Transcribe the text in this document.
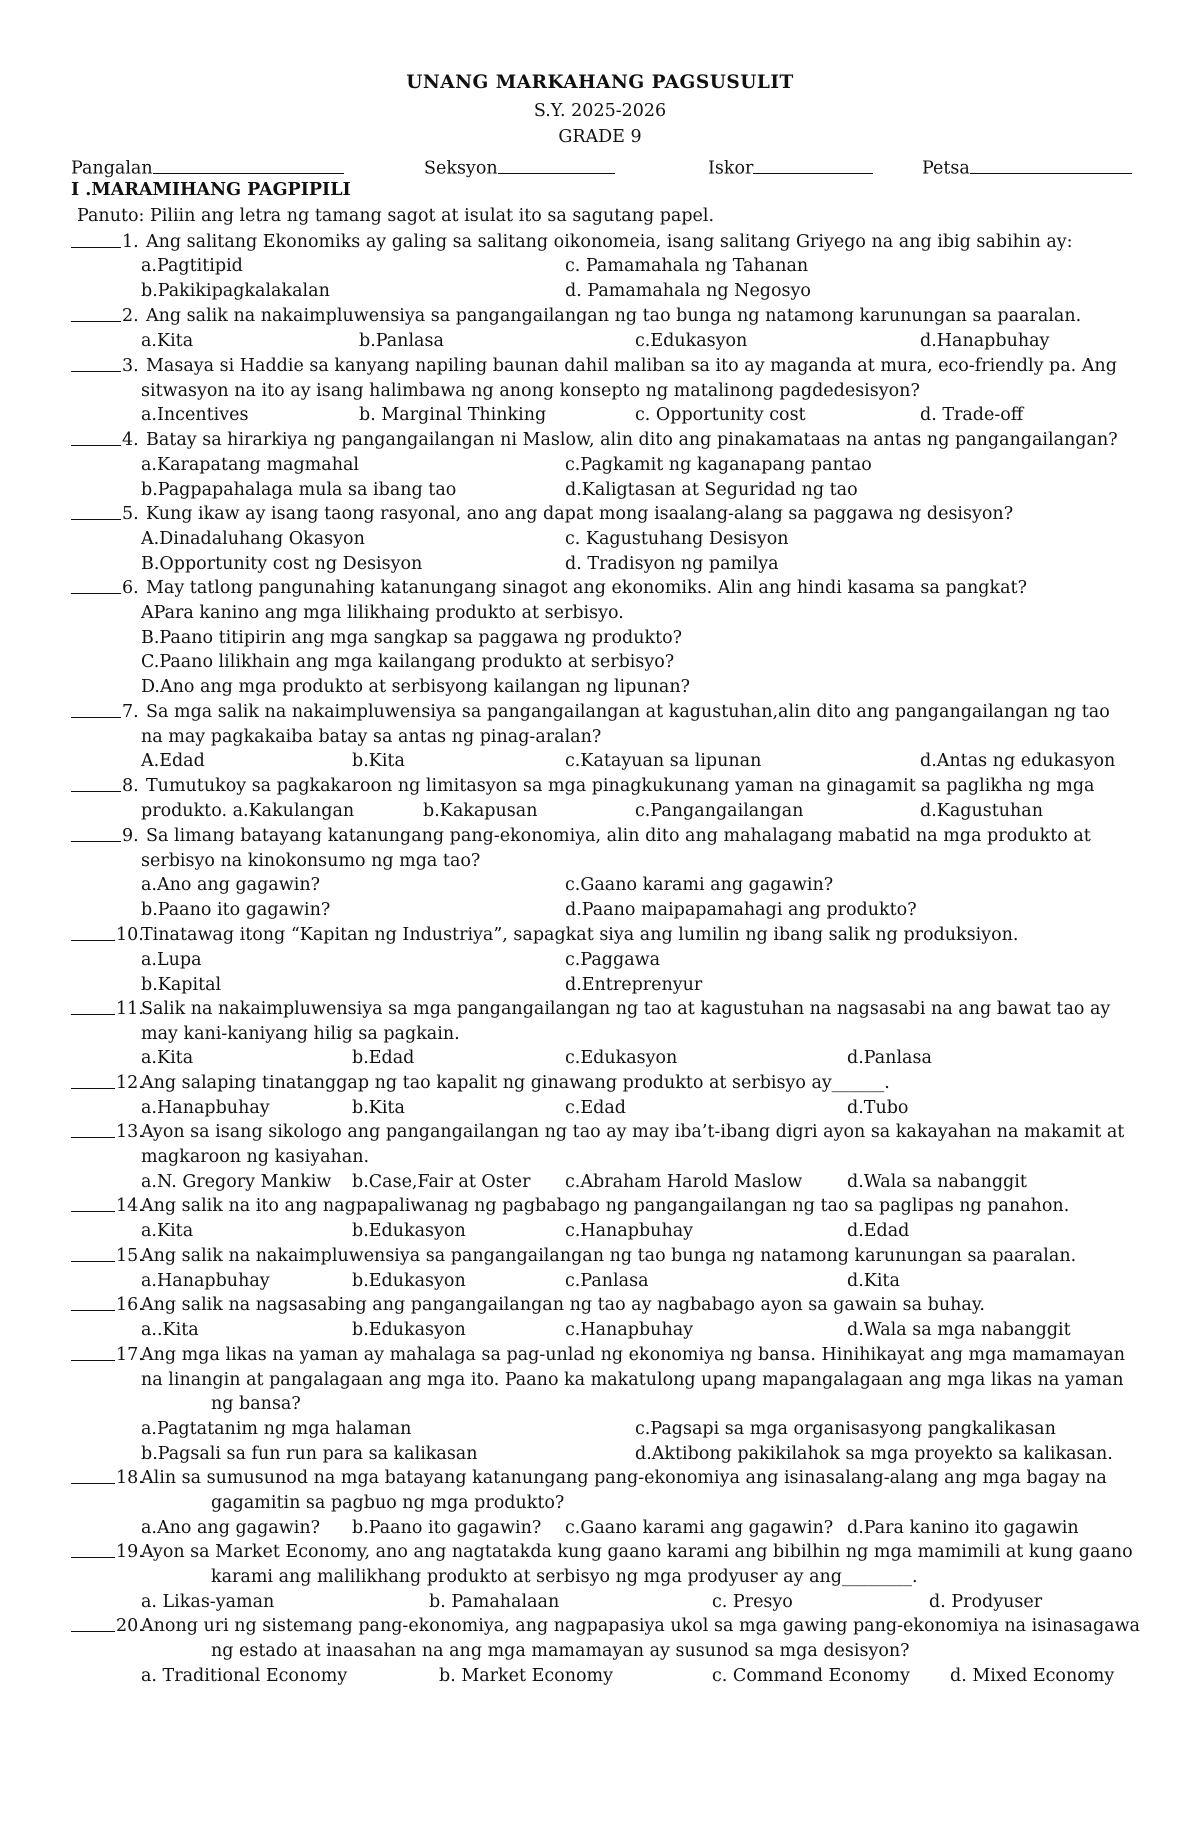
UNANG MARKAHANG PAGSUSULIT
S.Y. 2025-2026
GRADE 9
Pangalan	Seksyon	Iskor	Petsa
I .MARAMIHANG PAGPIPILI
Panuto: Piliin ang letra ng tamang sagot at isulat ito sa sagutang papel.
1. Ang salitang Ekonomiks ay galing sa salitang oikonomeia, isang salitang Griyego na ang ibig sabihin ay:
a.Pagtitipid	c. Pamamahala ng Tahanan
b.Pakikipagkalakalan	d. Pamamahala ng Negosyo
2. Ang salik na nakaimpluwensiya sa pangangailangan ng tao bunga ng natamong karunungan sa paaralan.
a.Kita	b.Panlasa	c.Edukasyon	d.Hanapbuhay
3. Masaya si Haddie sa kanyang napiling baunan dahil maliban sa ito ay maganda at mura, eco-friendly pa. Ang
sitwasyon na ito ay isang halimbawa ng anong konsepto ng matalinong pagdedesisyon?
a.Incentives	b. Marginal Thinking	c. Opportunity cost	d. Trade-off
4. Batay sa hirarkiya ng pangangailangan ni Maslow, alin dito ang pinakamataas na antas ng pangangailangan?
a.Karapatang magmahal	c.Pagkamit ng kaganapang pantao
b.Pagpapahalaga mula sa ibang tao	d.Kaligtasan at Seguridad ng tao
5. Kung ikaw ay isang taong rasyonal, ano ang dapat mong isaalang-alang sa paggawa ng desisyon?
A.Dinadaluhang Okasyon	c. Kagustuhang Desisyon
B.Opportunity cost ng Desisyon	d. Tradisyon ng pamilya
6. May tatlong pangunahing katanungang sinagot ang ekonomiks. Alin ang hindi kasama sa pangkat?
APara kanino ang mga lilikhaing produkto at serbisyo.
B.Paano titipirin ang mga sangkap sa paggawa ng produkto?
C.Paano lilikhain ang mga kailangang produkto at serbisyo?
D.Ano ang mga produkto at serbisyong kailangan ng lipunan?
7. Sa mga salik na nakaimpluwensiya sa pangangailangan at kagustuhan,alin dito ang pangangailangan ng tao
na may pagkakaiba batay sa antas ng pinag-aralan?
A.Edad	b.Kita	c.Katayuan sa lipunan	d.Antas ng edukasyon
8. Tumutukoy sa pagkakaroon ng limitasyon sa mga pinagkukunang yaman na ginagamit sa paglikha ng mga
produkto. a.Kakulangan	b.Kakapusan	c.Pangangailangan	d.Kagustuhan
9. Sa limang batayang katanungang pang-ekonomiya, alin dito ang mahalagang mabatid na mga produkto at
serbisyo na kinokonsumo ng mga tao?
a.Ano ang gagawin?	c.Gaano karami ang gagawin?
b.Paano ito gagawin?	d.Paano maipapamahagi ang produkto?
10.
Tinatawag itong “Kapitan ng Industriya”, sapagkat siya ang lumilin ng ibang salik ng produksiyon.
a.Lupa	c.Paggawa
b.Kapital	d.Entreprenyur
11.
Salik na nakaimpluwensiya sa mga pangangailangan ng tao at kagustuhan na nagsasabi na ang bawat tao ay
may kani-kaniyang hilig sa pagkain.
a.Kita	b.Edad	c.Edukasyon	d.Panlasa
12.
Ang salaping tinatanggap ng tao kapalit ng ginawang produkto at serbisyo ay______.
a.Hanapbuhay	b.Kita	c.Edad	d.Tubo
13.
Ayon sa isang sikologo ang pangangailangan ng tao ay may iba’t-ibang digri ayon sa kakayahan na makamit at
magkaroon ng kasiyahan.
a.N. Gregory Mankiw b.Case,Fair at Oster c.Abraham Harold Maslow	d.Wala sa nabanggit
14.
Ang salik na ito ang nagpapaliwanag ng pagbabago ng pangangailangan ng tao sa paglipas ng panahon.
a.Kita	b.Edukasyon	c.Hanapbuhay	d.Edad
15.
Ang salik na nakaimpluwensiya sa pangangailangan ng tao bunga ng natamong karunungan sa paaralan.
a.Hanapbuhay	b.Edukasyon	c.Panlasa	d.Kita
16.
Ang salik na nagsasabing ang pangangailangan ng tao ay nagbabago ayon sa gawain sa buhay.
a..Kita	b.Edukasyon	c.Hanapbuhay	d.Wala sa mga nabanggit
17.
Ang mga likas na yaman ay mahalaga sa pag-unlad ng ekonomiya ng bansa. Hinihikayat ang mga mamamayan
na linangin at pangalagaan ang mga ito. Paano ka makatulong upang mapangalagaan ang mga likas na yaman
ng bansa?
a.Pagtatanim ng mga halaman	c.Pagsapi sa mga organisasyong pangkalikasan
b.Pagsali sa fun run para sa kalikasan	d.Aktibong pakikilahok sa mga proyekto sa kalikasan.
18.
Alin sa sumusunod na mga batayang katanungang pang-ekonomiya ang isinasalang-alang ang mga bagay na
gagamitin sa pagbuo ng mga produkto?
a.Ano ang gagawin? b.Paano ito gagawin? c.Gaano karami ang gagawin? d.Para kanino ito gagawin
19.
Ayon sa Market Economy, ano ang nagtatakda kung gaano karami ang bibilhin ng mga mamimili at kung gaano
karami ang malilikhang produkto at serbisyo ng mga prodyuser ay ang________.
a. Likas-yaman	b. Pamahalaan	c. Presyo	d. Prodyuser
20.
Anong uri ng sistemang pang-ekonomiya, ang nagpapasiya ukol sa mga gawing pang-ekonomiya na isinasagawa
ng estado at inaasahan na ang mga mamamayan ay susunod sa mga desisyon?
a. Traditional Economy	b. Market Economy	c. Command Economy d. Mixed Economy
